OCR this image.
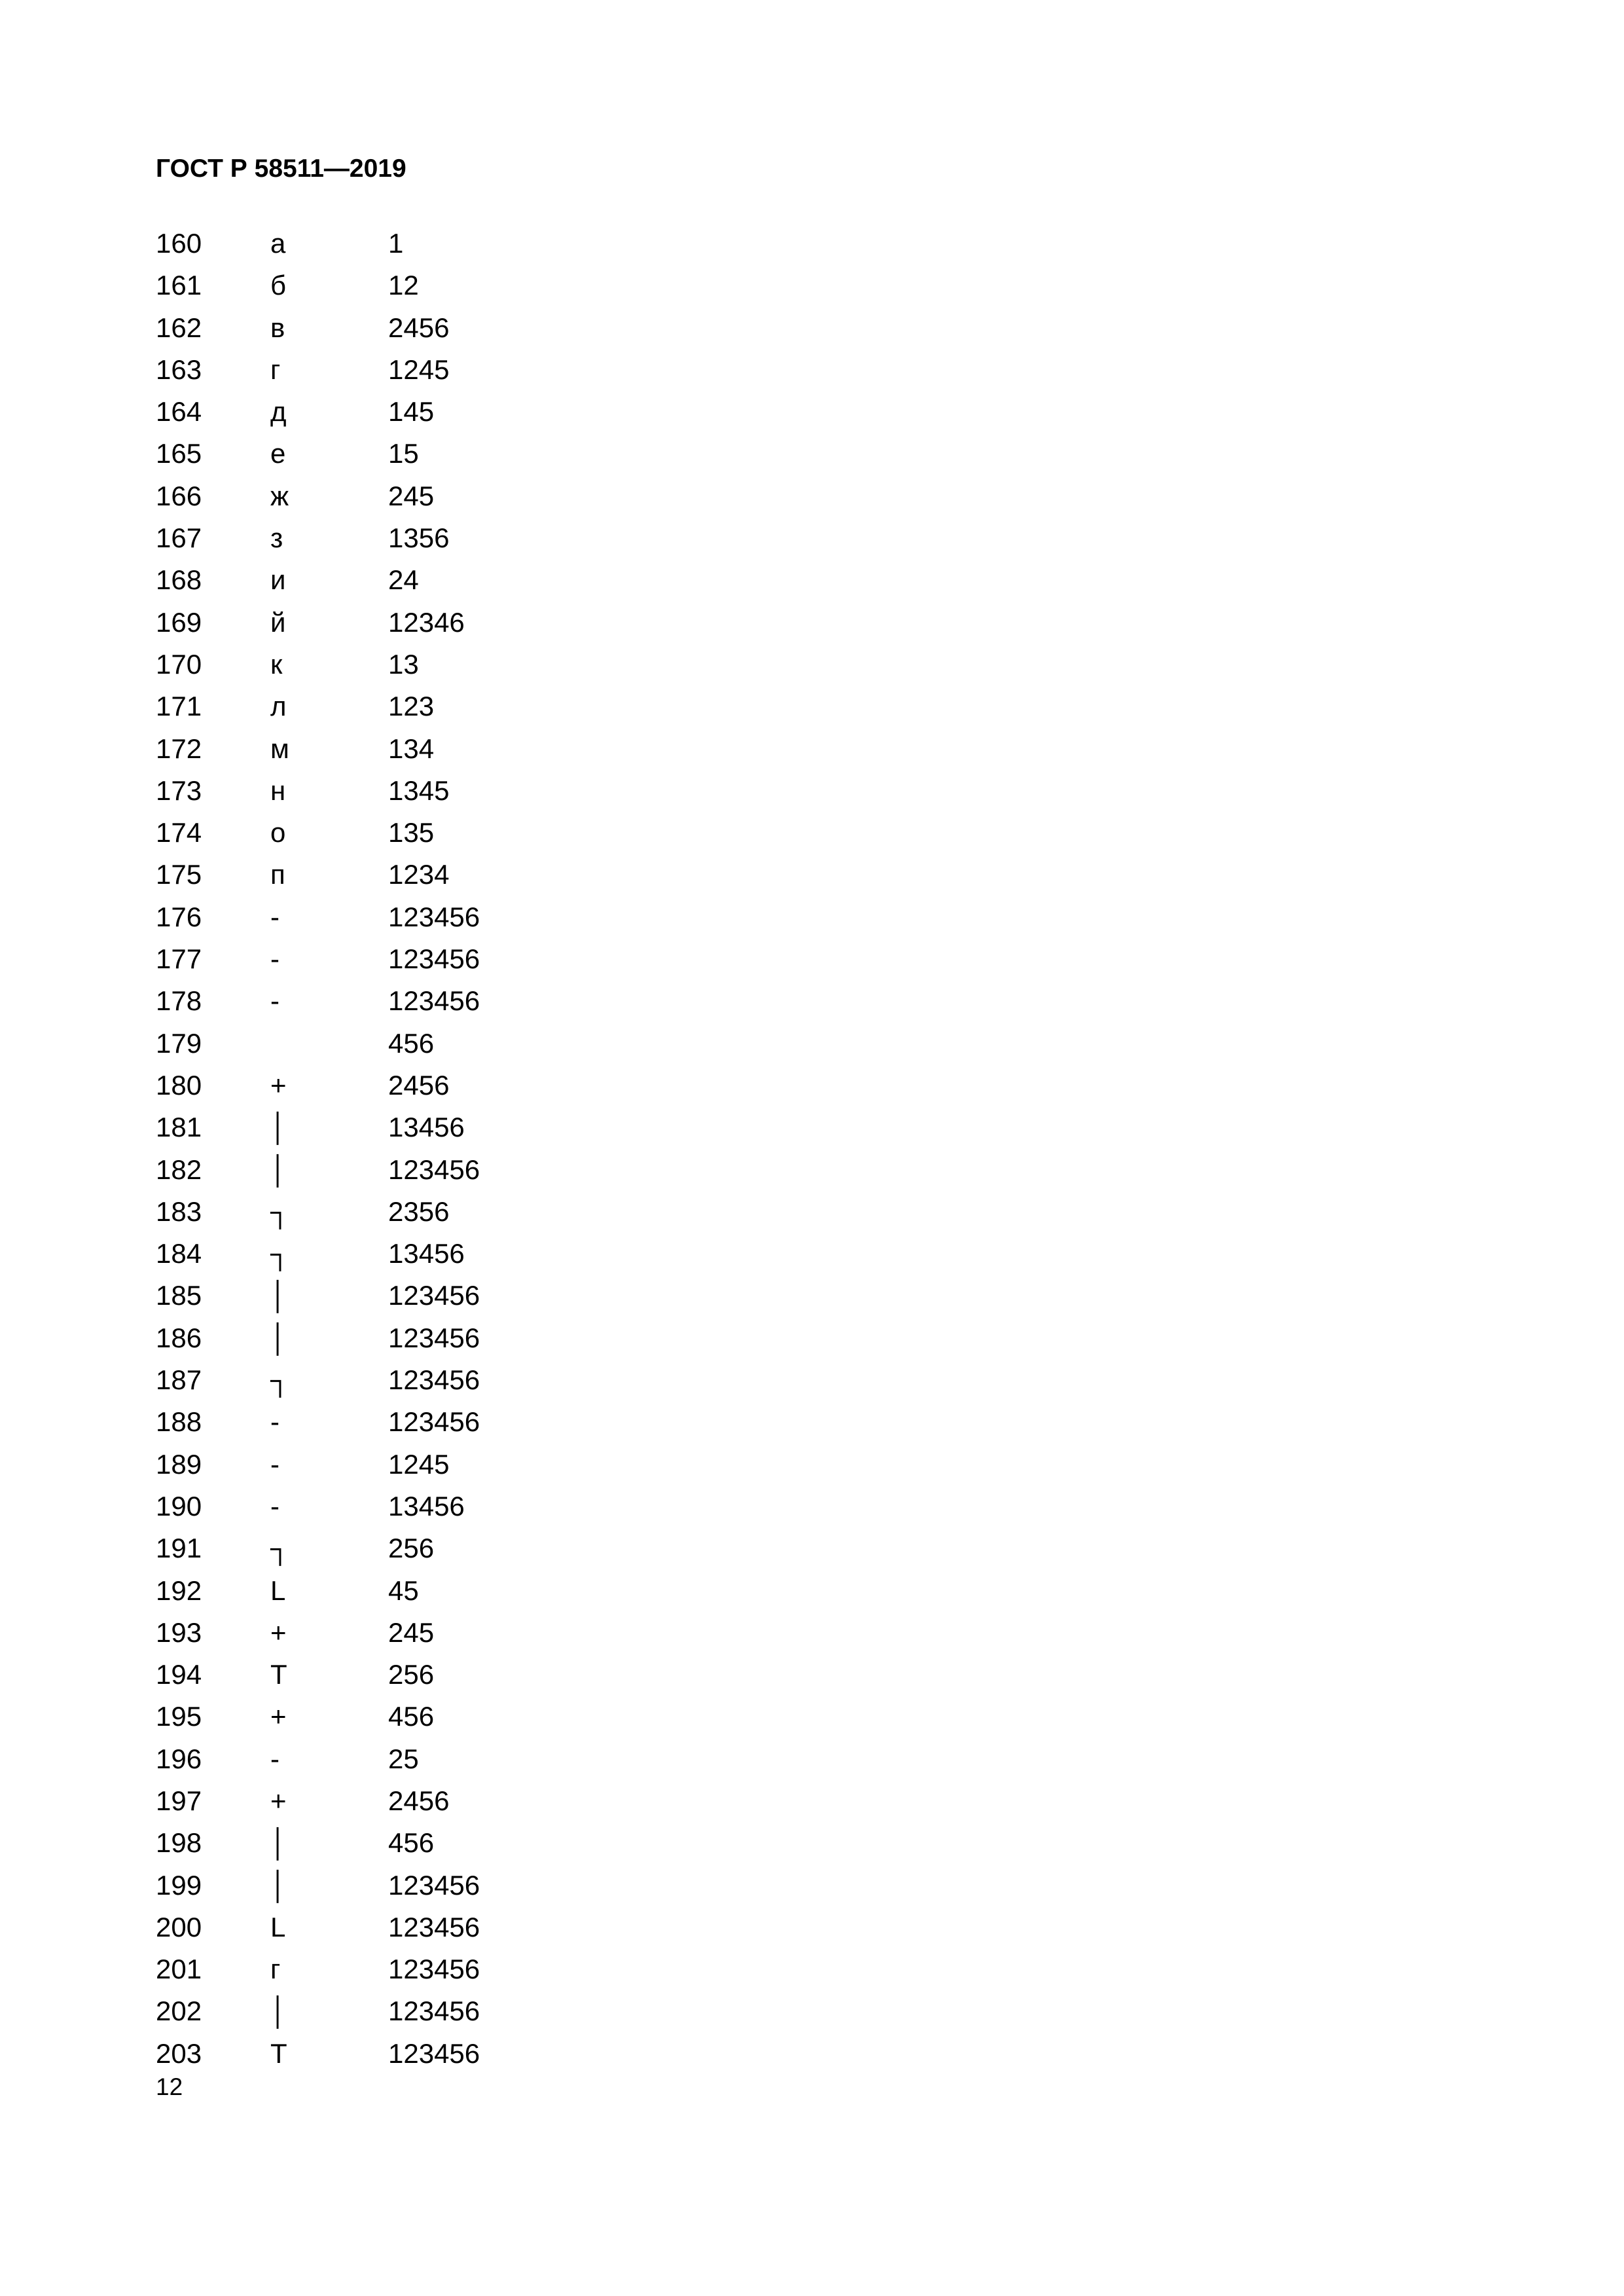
ГОСТ Р 58511—2019
160 а	1
161 б	12
162 в	2456
163 г	1245
164 д	145
165 е	15
166 ж	245
167 з	1356
168 и	24
169 й	12346
170 к	13
171 л	123
172 м	134
173 н	1345
174 о	135
175 п	1234
176 -	123456
177 -	123456
178 -	123456
179	456
180 +	2456
181 │	13456
182 │	123456
183 ┐	2356
184 ┐	13456
185 │	123456
186 │	123456
187 ┐	123456
188 -	123456
189 -	1245
190 -	13456
191 ┐	256
192 L	45
193 +	245
194 T	256
195 +	456
196 -	25
197 +	2456
198 │	456
199 │	123456
200 L	123456
201 г	123456
202 │	123456
203 T	123456
12
